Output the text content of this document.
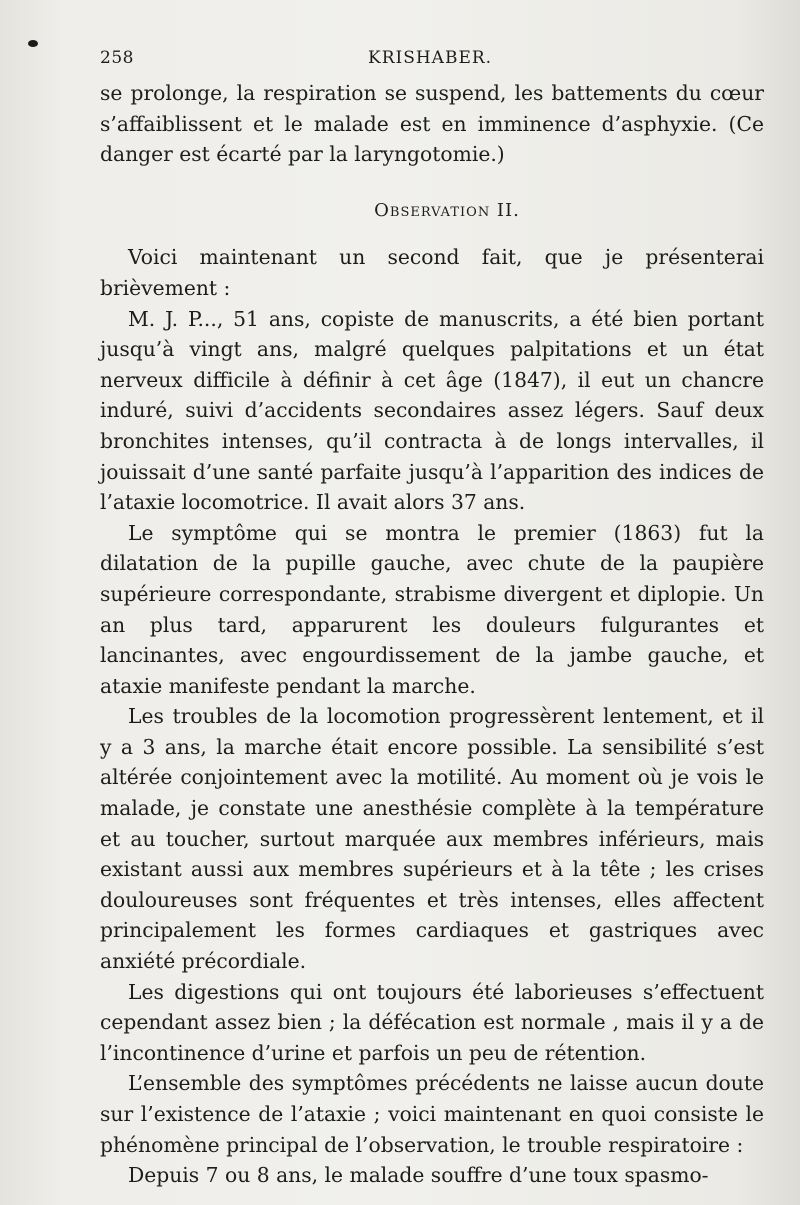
258	KRISHABER.

se prolonge, la respiration se suspend, les battements du cœur s’affaiblissent et le malade est en imminence d’asphyxie. (Ce danger est écarté par la laryngotomie.)

Observation II.

Voici maintenant un second fait, que je présenterai brièvement :

M. J. P..., 51 ans, copiste de manuscrits, a été bien portant jusqu’à vingt ans, malgré quelques palpitations et un état nerveux difficile à définir à cet âge (1847), il eut un chancre induré, suivi d’accidents secondaires assez légers. Sauf deux bronchites intenses, qu’il contracta à de longs intervalles, il jouissait d’une santé parfaite jusqu’à l’apparition des indices de l’ataxie locomotrice. Il avait alors 37 ans.

Le symptôme qui se montra le premier (1863) fut la dilatation de la pupille gauche, avec chute de la paupière supérieure correspondante, strabisme divergent et diplopie. Un an plus tard, apparurent les douleurs fulgurantes et lancinantes, avec engourdissement de la jambe gauche, et ataxie manifeste pendant la marche.

Les troubles de la locomotion progressèrent lentement, et il y a 3 ans, la marche était encore possible. La sensibilité s’est altérée conjointement avec la motilité. Au moment où je vois le malade, je constate une anesthésie complète à la température et au toucher, surtout marquée aux membres inférieurs, mais existant aussi aux membres supérieurs et à la tête ; les crises douloureuses sont fréquentes et très intenses, elles affectent principalement les formes cardiaques et gastriques avec anxiété précordiale.

Les digestions qui ont toujours été laborieuses s’effectuent cependant assez bien ; la défécation est normale , mais il y a de l’incontinence d’urine et parfois un peu de rétention.

L’ensemble des symptômes précédents ne laisse aucun doute sur l’existence de l’ataxie ; voici maintenant en quoi consiste le phénomène principal de l’observation, le trouble respiratoire :

Depuis 7 ou 8 ans, le malade souffre d’une toux spasmo-
